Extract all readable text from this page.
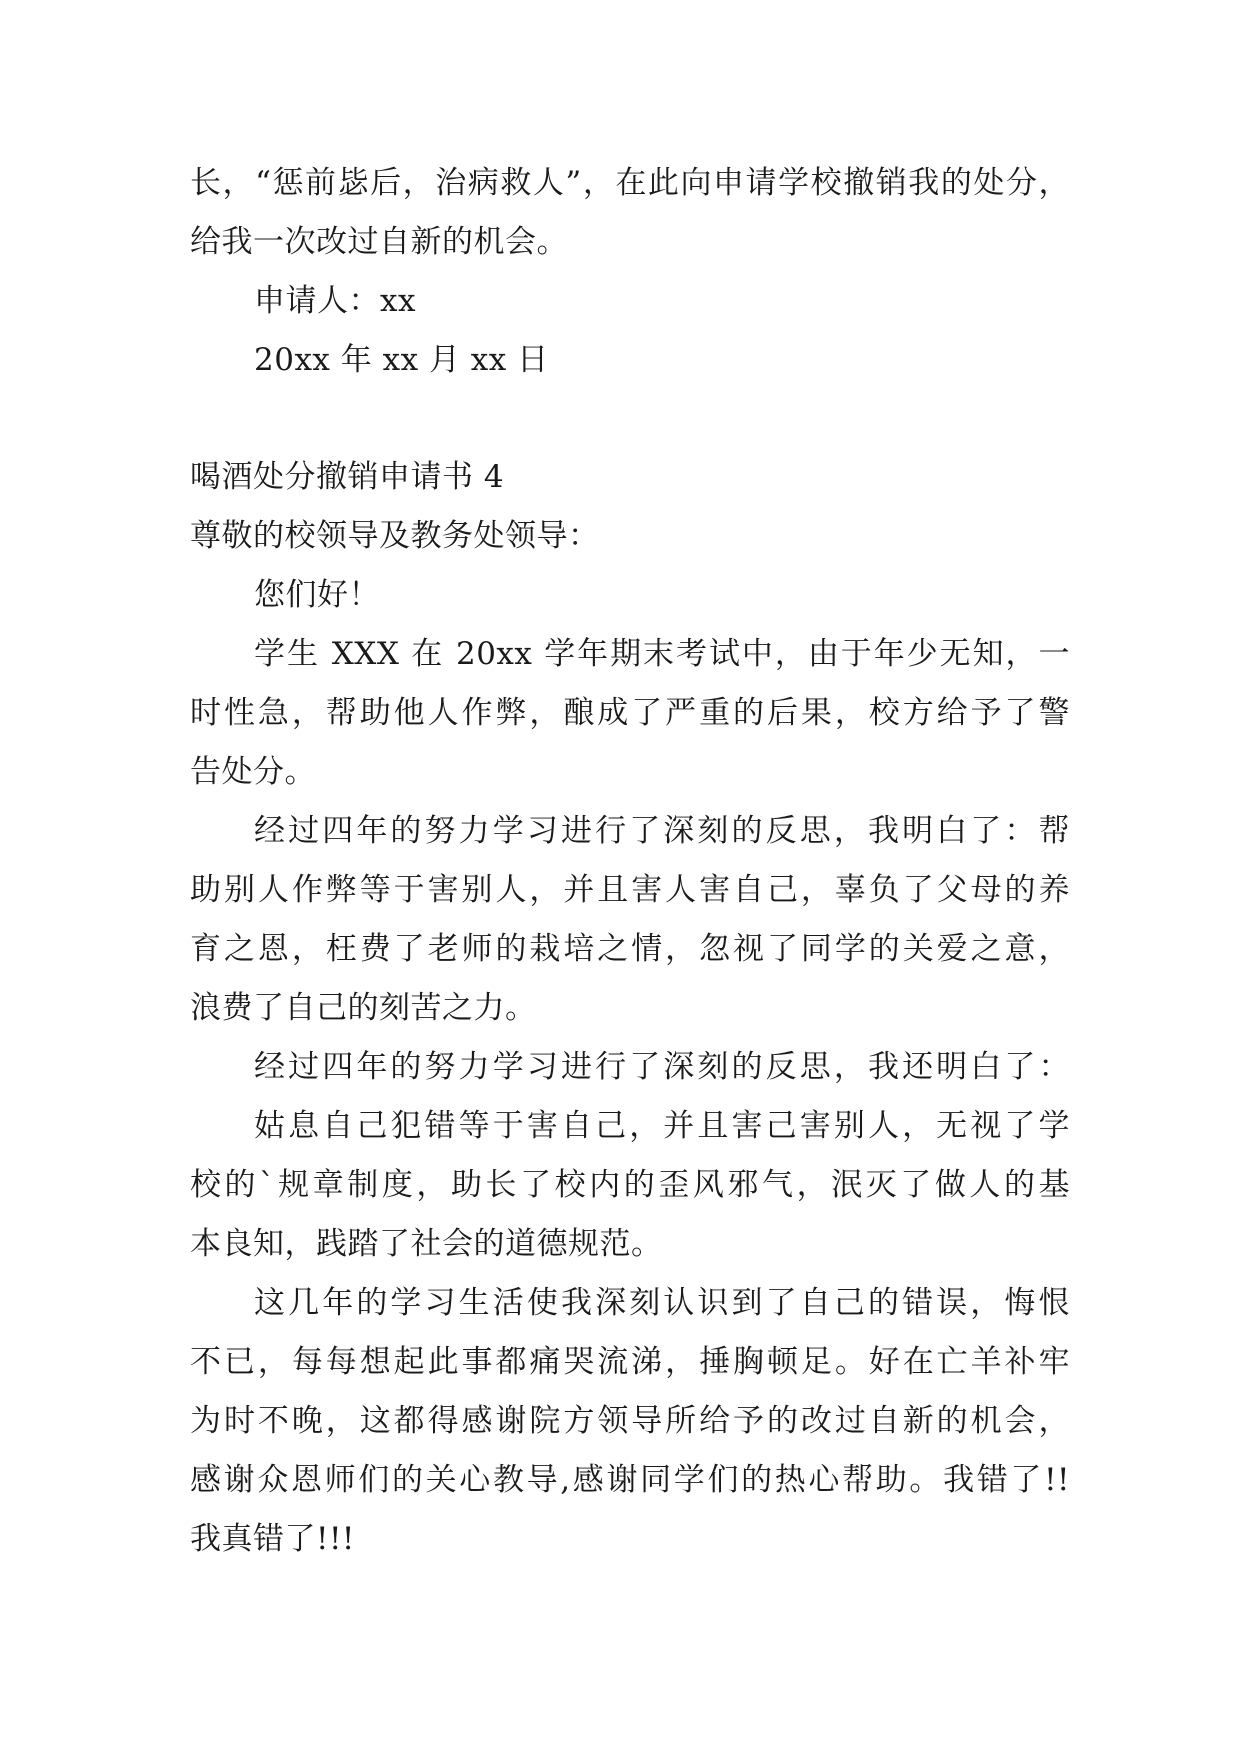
长，“惩前毖后，治病救人”，在此向申请学校撤销我的处分，
给我一次改过自新的机会。
申请人：xx
20xx 年 xx 月 xx 日
喝酒处分撤销申请书 4
尊敬的校领导及教务处领导：
您们好！
学生 XXX 在 20xx 学年期末考试中，由于年少无知，一
时性急，帮助他人作弊，酿成了严重的后果，校方给予了警
告处分。
经过四年的努力学习进行了深刻的反思，我明白了：帮
助别人作弊等于害别人，并且害人害自己，辜负了父母的养
育之恩，枉费了老师的栽培之情，忽视了同学的关爱之意，
浪费了自己的刻苦之力。
经过四年的努力学习进行了深刻的反思，我还明白了：
姑息自己犯错等于害自己，并且害己害别人，无视了学
校的`规章制度，助长了校内的歪风邪气，泯灭了做人的基
本良知，践踏了社会的道德规范。
这几年的学习生活使我深刻认识到了自己的错误，悔恨
不已，每每想起此事都痛哭流涕，捶胸顿足。好在亡羊补牢
为时不晚，这都得感谢院方领导所给予的改过自新的机会，
感谢众恩师们的关心教导,感谢同学们的热心帮助。我错了!!
我真错了!!!
